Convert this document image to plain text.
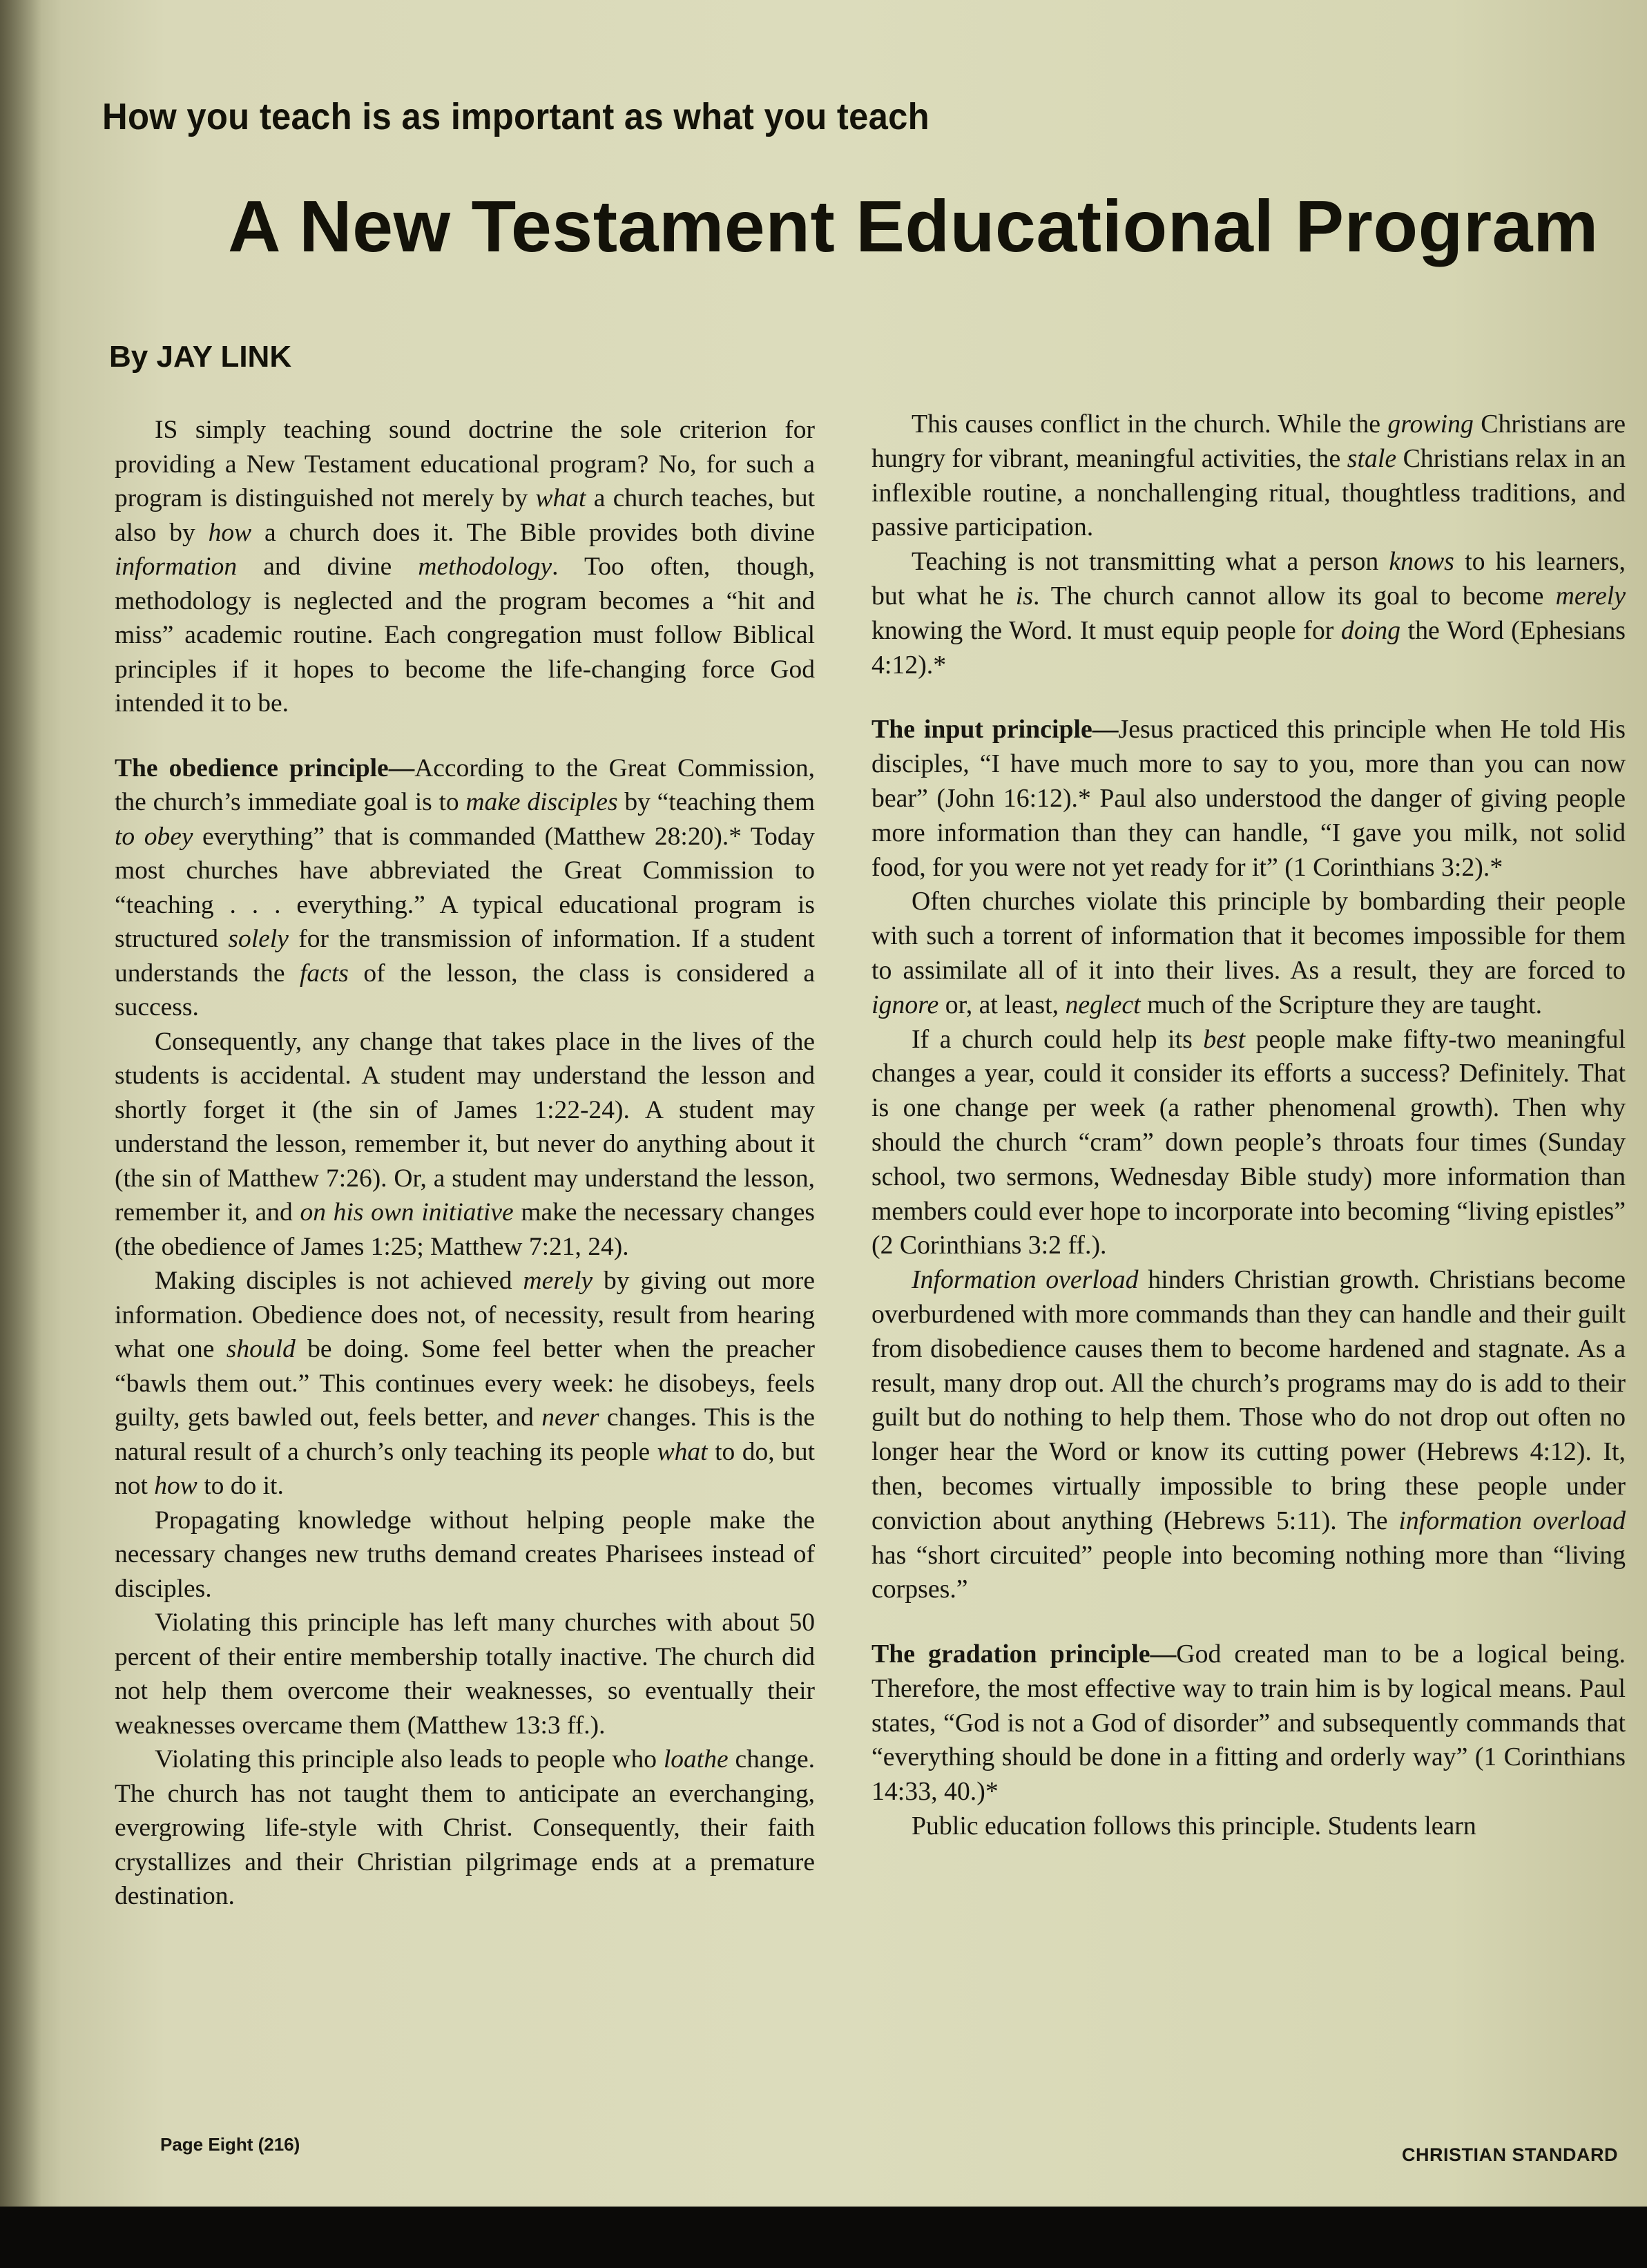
How you teach is as important as what you teach
A New Testament Educational Program
By JAY LINK

IS simply teaching sound doctrine the sole criterion for providing a New Testament educational program? No, for such a program is distinguished not merely by what a church teaches, but also by how a church does it. The Bible provides both divine information and divine methodology. Too often, though, methodology is neglected and the program becomes a “hit and miss” academic routine. Each congregation must follow Biblical principles if it hopes to become the life-changing force God intended it to be.

The obedience principle—According to the Great Commission, the church’s immediate goal is to make disciples by “teaching them to obey everything” that is commanded (Matthew 28:20).* Today most churches have abbreviated the Great Commission to “teaching . . . everything.” A typical educational program is structured solely for the transmission of information. If a student understands the facts of the lesson, the class is considered a success.

Consequently, any change that takes place in the lives of the students is accidental. A student may understand the lesson and shortly forget it (the sin of James 1:22-24). A student may understand the lesson, remember it, but never do anything about it (the sin of Matthew 7:26). Or, a student may understand the lesson, remember it, and on his own initiative make the necessary changes (the obedience of James 1:25; Matthew 7:21, 24).

Making disciples is not achieved merely by giving out more information. Obedience does not, of necessity, result from hearing what one should be doing. Some feel better when the preacher “bawls them out.” This continues every week: he disobeys, feels guilty, gets bawled out, feels better, and never changes. This is the natural result of a church’s only teaching its people what to do, but not how to do it.

Propagating knowledge without helping people make the necessary changes new truths demand creates Pharisees instead of disciples.

Violating this principle has left many churches with about 50 percent of their entire membership totally inactive. The church did not help them overcome their weaknesses, so eventually their weaknesses overcame them (Matthew 13:3 ff.).

Violating this principle also leads to people who loathe change. The church has not taught them to anticipate an everchanging, evergrowing life-style with Christ. Consequently, their faith crystallizes and their Christian pilgrimage ends at a premature destination.

This causes conflict in the church. While the growing Christians are hungry for vibrant, meaningful activities, the stale Christians relax in an inflexible routine, a nonchallenging ritual, thoughtless traditions, and passive participation.

Teaching is not transmitting what a person knows to his learners, but what he is. The church cannot allow its goal to become merely knowing the Word. It must equip people for doing the Word (Ephesians 4:12).*

The input principle—Jesus practiced this principle when He told His disciples, “I have much more to say to you, more than you can now bear” (John 16:12).* Paul also understood the danger of giving people more information than they can handle, “I gave you milk, not solid food, for you were not yet ready for it” (1 Corinthians 3:2).*

Often churches violate this principle by bombarding their people with such a torrent of information that it becomes impossible for them to assimilate all of it into their lives. As a result, they are forced to ignore or, at least, neglect much of the Scripture they are taught.

If a church could help its best people make fifty-two meaningful changes a year, could it consider its efforts a success? Definitely. That is one change per week (a rather phenomenal growth). Then why should the church “cram” down people’s throats four times (Sunday school, two sermons, Wednesday Bible study) more information than members could ever hope to incorporate into becoming “living epistles” (2 Corinthians 3:2 ff.).

Information overload hinders Christian growth. Christians become overburdened with more commands than they can handle and their guilt from disobedience causes them to become hardened and stagnate. As a result, many drop out. All the church’s programs may do is add to their guilt but do nothing to help them. Those who do not drop out often no longer hear the Word or know its cutting power (Hebrews 4:12). It, then, becomes virtually impossible to bring these people under conviction about anything (Hebrews 5:11). The information overload has “short circuited” people into becoming nothing more than “living corpses.”

The gradation principle—God created man to be a logical being. Therefore, the most effective way to train him is by logical means. Paul states, “God is not a God of disorder” and subsequently commands that “everything should be done in a fitting and orderly way” (1 Corinthians 14:33, 40.)*

Public education follows this principle. Students learn

Page Eight (216)	CHRISTIAN STANDARD
